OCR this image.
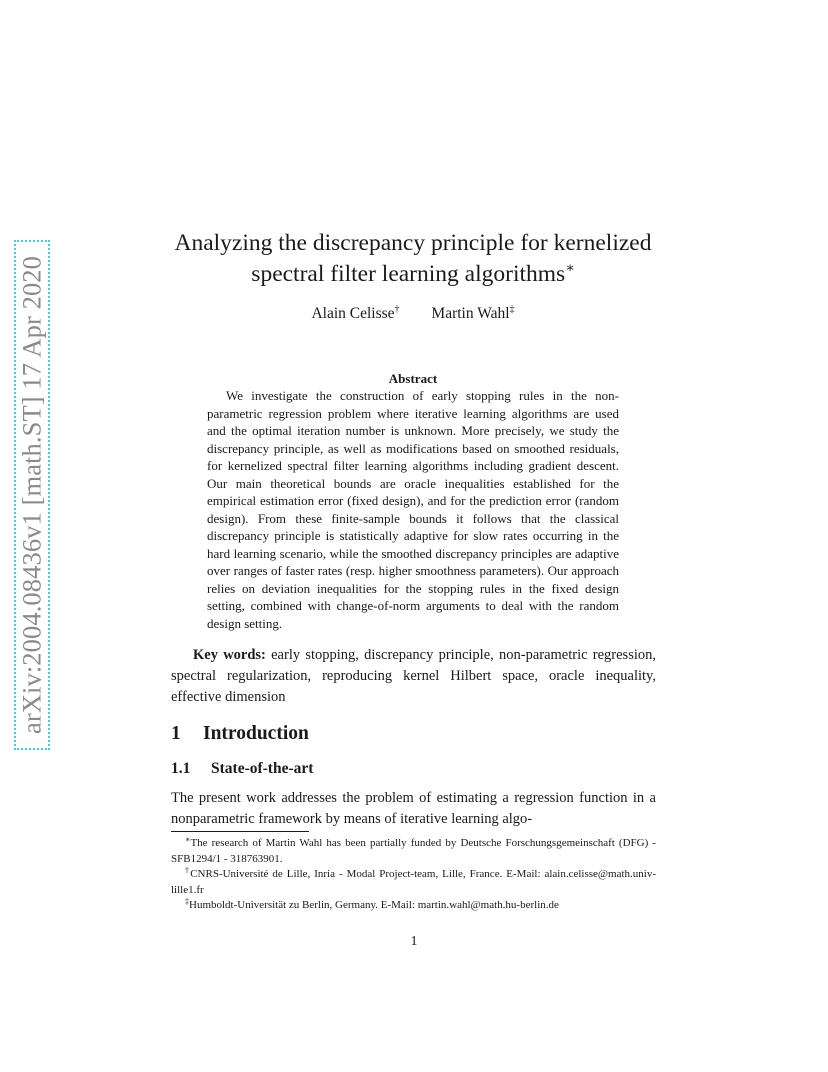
arXiv:2004.08436v1 [math.ST] 17 Apr 2020
Analyzing the discrepancy principle for kernelized
spectral filter learning algorithms∗
Alain Celisse† Martin Wahl‡
Abstract

We investigate the construction of early stopping rules in the non-parametric regression problem where iterative learning algorithms are used and the optimal iteration number is unknown. More precisely, we study the discrepancy principle, as well as modifications based on smoothed residuals, for kernelized spectral filter learning algorithms including gradient descent. Our main theoretical bounds are oracle inequalities established for the empirical estimation error (fixed design), and for the prediction error (random design). From these finite-sample bounds it follows that the classical discrepancy principle is statistically adaptive for slow rates occurring in the hard learning scenario, while the smoothed discrepancy principles are adaptive over ranges of faster rates (resp. higher smoothness parameters). Our approach relies on deviation inequalities for the stopping rules in the fixed design setting, combined with change-of-norm arguments to deal with the random design setting.

Key words: early stopping, discrepancy principle, non-parametric regression, spectral regularization, reproducing kernel Hilbert space, oracle inequality, effective dimension

1 Introduction
1.1 State-of-the-art

The present work addresses the problem of estimating a regression function in a nonparametric framework by means of iterative learning algo-

∗The research of Martin Wahl has been partially funded by Deutsche Forschungsgemeinschaft (DFG) - SFB1294/1 - 318763901.

†CNRS-Université de Lille, Inria - Modal Project-team, Lille, France. E-Mail: alain.celisse@math.univ-lille1.fr

‡Humboldt-Universität zu Berlin, Germany. E-Mail: martin.wahl@math.hu-berlin.de

1
